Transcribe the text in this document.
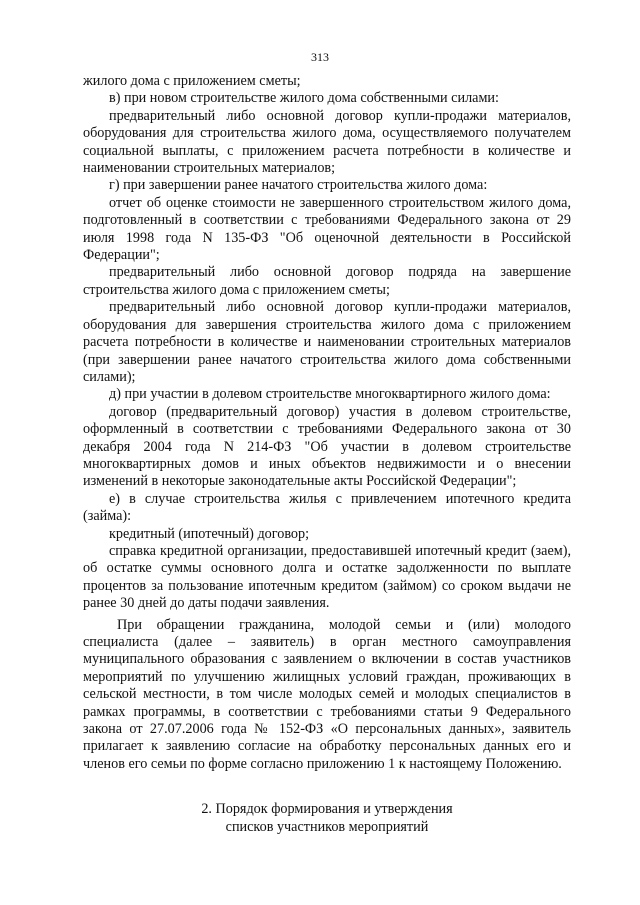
313

жилого дома с приложением сметы;

в) при новом строительстве жилого дома собственными силами:

предварительный либо основной договор купли-продажи материалов, оборудования для строительства жилого дома, осуществляемого получателем социальной выплаты, с приложением расчета потребности в количестве и наименовании строительных материалов;

г) при завершении ранее начатого строительства жилого дома:

отчет об оценке стоимости не завершенного строительством жилого дома, подготовленный в соответствии с требованиями Федерального закона от 29 июля 1998 года N 135-ФЗ "Об оценочной деятельности в Российской Федерации";

предварительный либо основной договор подряда на завершение строительства жилого дома с приложением сметы;

предварительный либо основной договор купли-продажи материалов, оборудования для завершения строительства жилого дома с приложением расчета потребности в количестве и наименовании строительных материалов (при завершении ранее начатого строительства жилого дома собственными силами);

д) при участии в долевом строительстве многоквартирного жилого дома:

договор (предварительный договор) участия в долевом строительстве, оформленный в соответствии с требованиями Федерального закона от 30 декабря 2004 года N 214-ФЗ "Об участии в долевом строительстве многоквартирных домов и иных объектов недвижимости и о внесении изменений в некоторые законодательные акты Российской Федерации";

е) в случае строительства жилья с привлечением ипотечного кредита (займа):

кредитный (ипотечный) договор;

справка кредитной организации, предоставившей ипотечный кредит (заем), об остатке суммы основного долга и остатке задолженности по выплате процентов за пользование ипотечным кредитом (займом) со сроком выдачи не ранее 30 дней до даты подачи заявления.

При обращении гражданина, молодой семьи и (или) молодого специалиста (далее – заявитель) в орган местного самоуправления муниципального образования с заявлением о включении в состав участников мероприятий по улучшению жилищных условий граждан, проживающих в сельской местности, в том числе молодых семей и молодых специалистов в рамках программы, в соответствии с требованиями статьи 9 Федерального закона от 27.07.2006 года № 152-ФЗ «О персональных данных», заявитель прилагает к заявлению согласие на обработку персональных данных его и членов его семьи по форме согласно приложению 1 к настоящему Положению.

2. Порядок формирования и утверждения
списков участников мероприятий
